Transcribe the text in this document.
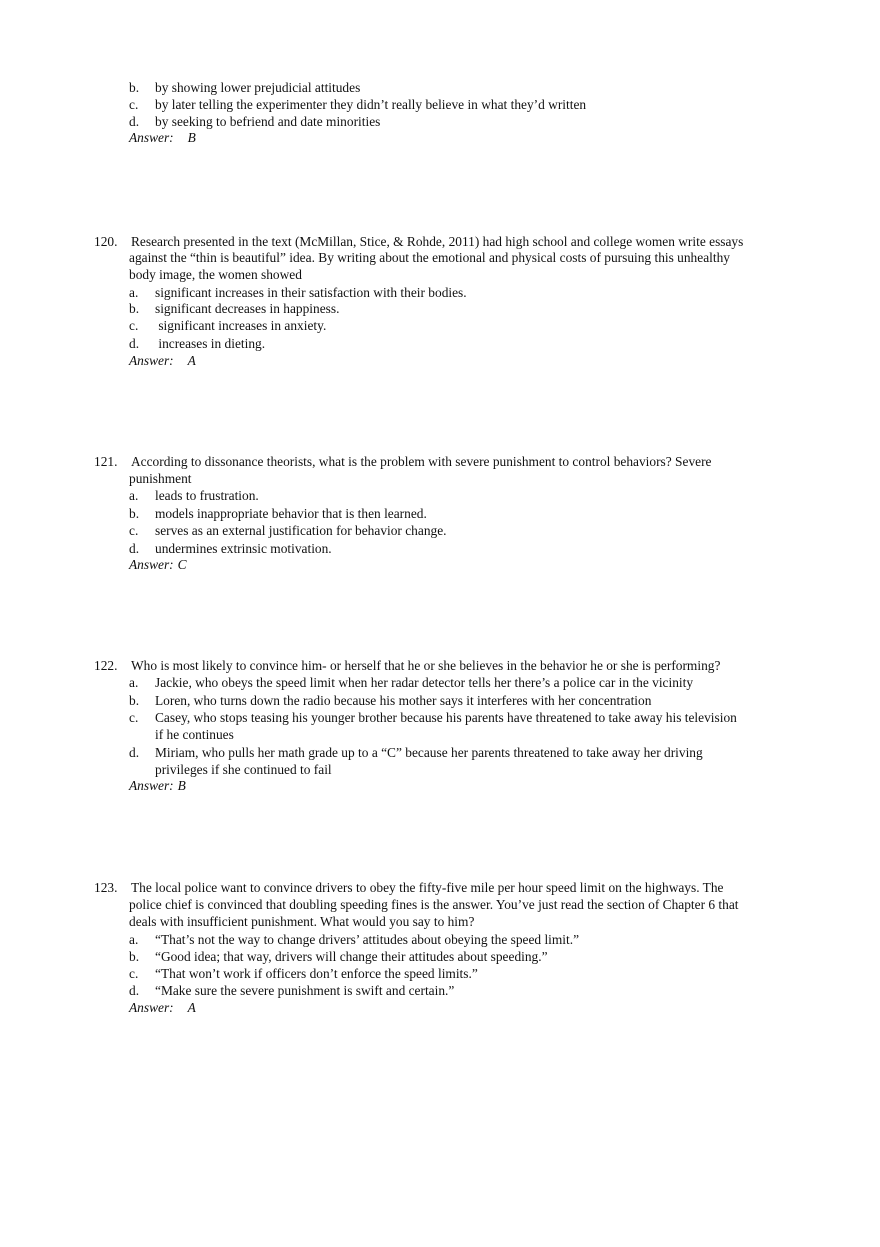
b. by showing lower prejudicial attitudes
c. by later telling the experimenter they didn’t really believe in what they’d written
d. by seeking to befriend and date minorities
Answer: B
120. Research presented in the text (McMillan, Stice, & Rohde, 2011) had high school and college women write essays
against the “thin is beautiful” idea. By writing about the emotional and physical costs of pursuing this unhealthy
body image, the women showed
a. significant increases in their satisfaction with their bodies.
b. significant decreases in happiness.
c. significant increases in anxiety.
d. increases in dieting.
Answer: A
121. According to dissonance theorists, what is the problem with severe punishment to control behaviors? Severe
punishment
a. leads to frustration.
b. models inappropriate behavior that is then learned.
c. serves as an external justification for behavior change.
d. undermines extrinsic motivation.
Answer: C
122. Who is most likely to convince him- or herself that he or she believes in the behavior he or she is performing?
a. Jackie, who obeys the speed limit when her radar detector tells her there’s a police car in the vicinity
b. Loren, who turns down the radio because his mother says it interferes with her concentration
c. Casey, who stops teasing his younger brother because his parents have threatened to take away his television
if he continues
d. Miriam, who pulls her math grade up to a “C” because her parents threatened to take away her driving
privileges if she continued to fail
Answer: B
123. The local police want to convince drivers to obey the fifty-five mile per hour speed limit on the highways. The
police chief is convinced that doubling speeding fines is the answer. You’ve just read the section of Chapter 6 that
deals with insufficient punishment. What would you say to him?
a. “That’s not the way to change drivers’ attitudes about obeying the speed limit.”
b. “Good idea; that way, drivers will change their attitudes about speeding.”
c. “That won’t work if officers don’t enforce the speed limits.”
d. “Make sure the severe punishment is swift and certain.”
Answer: A
